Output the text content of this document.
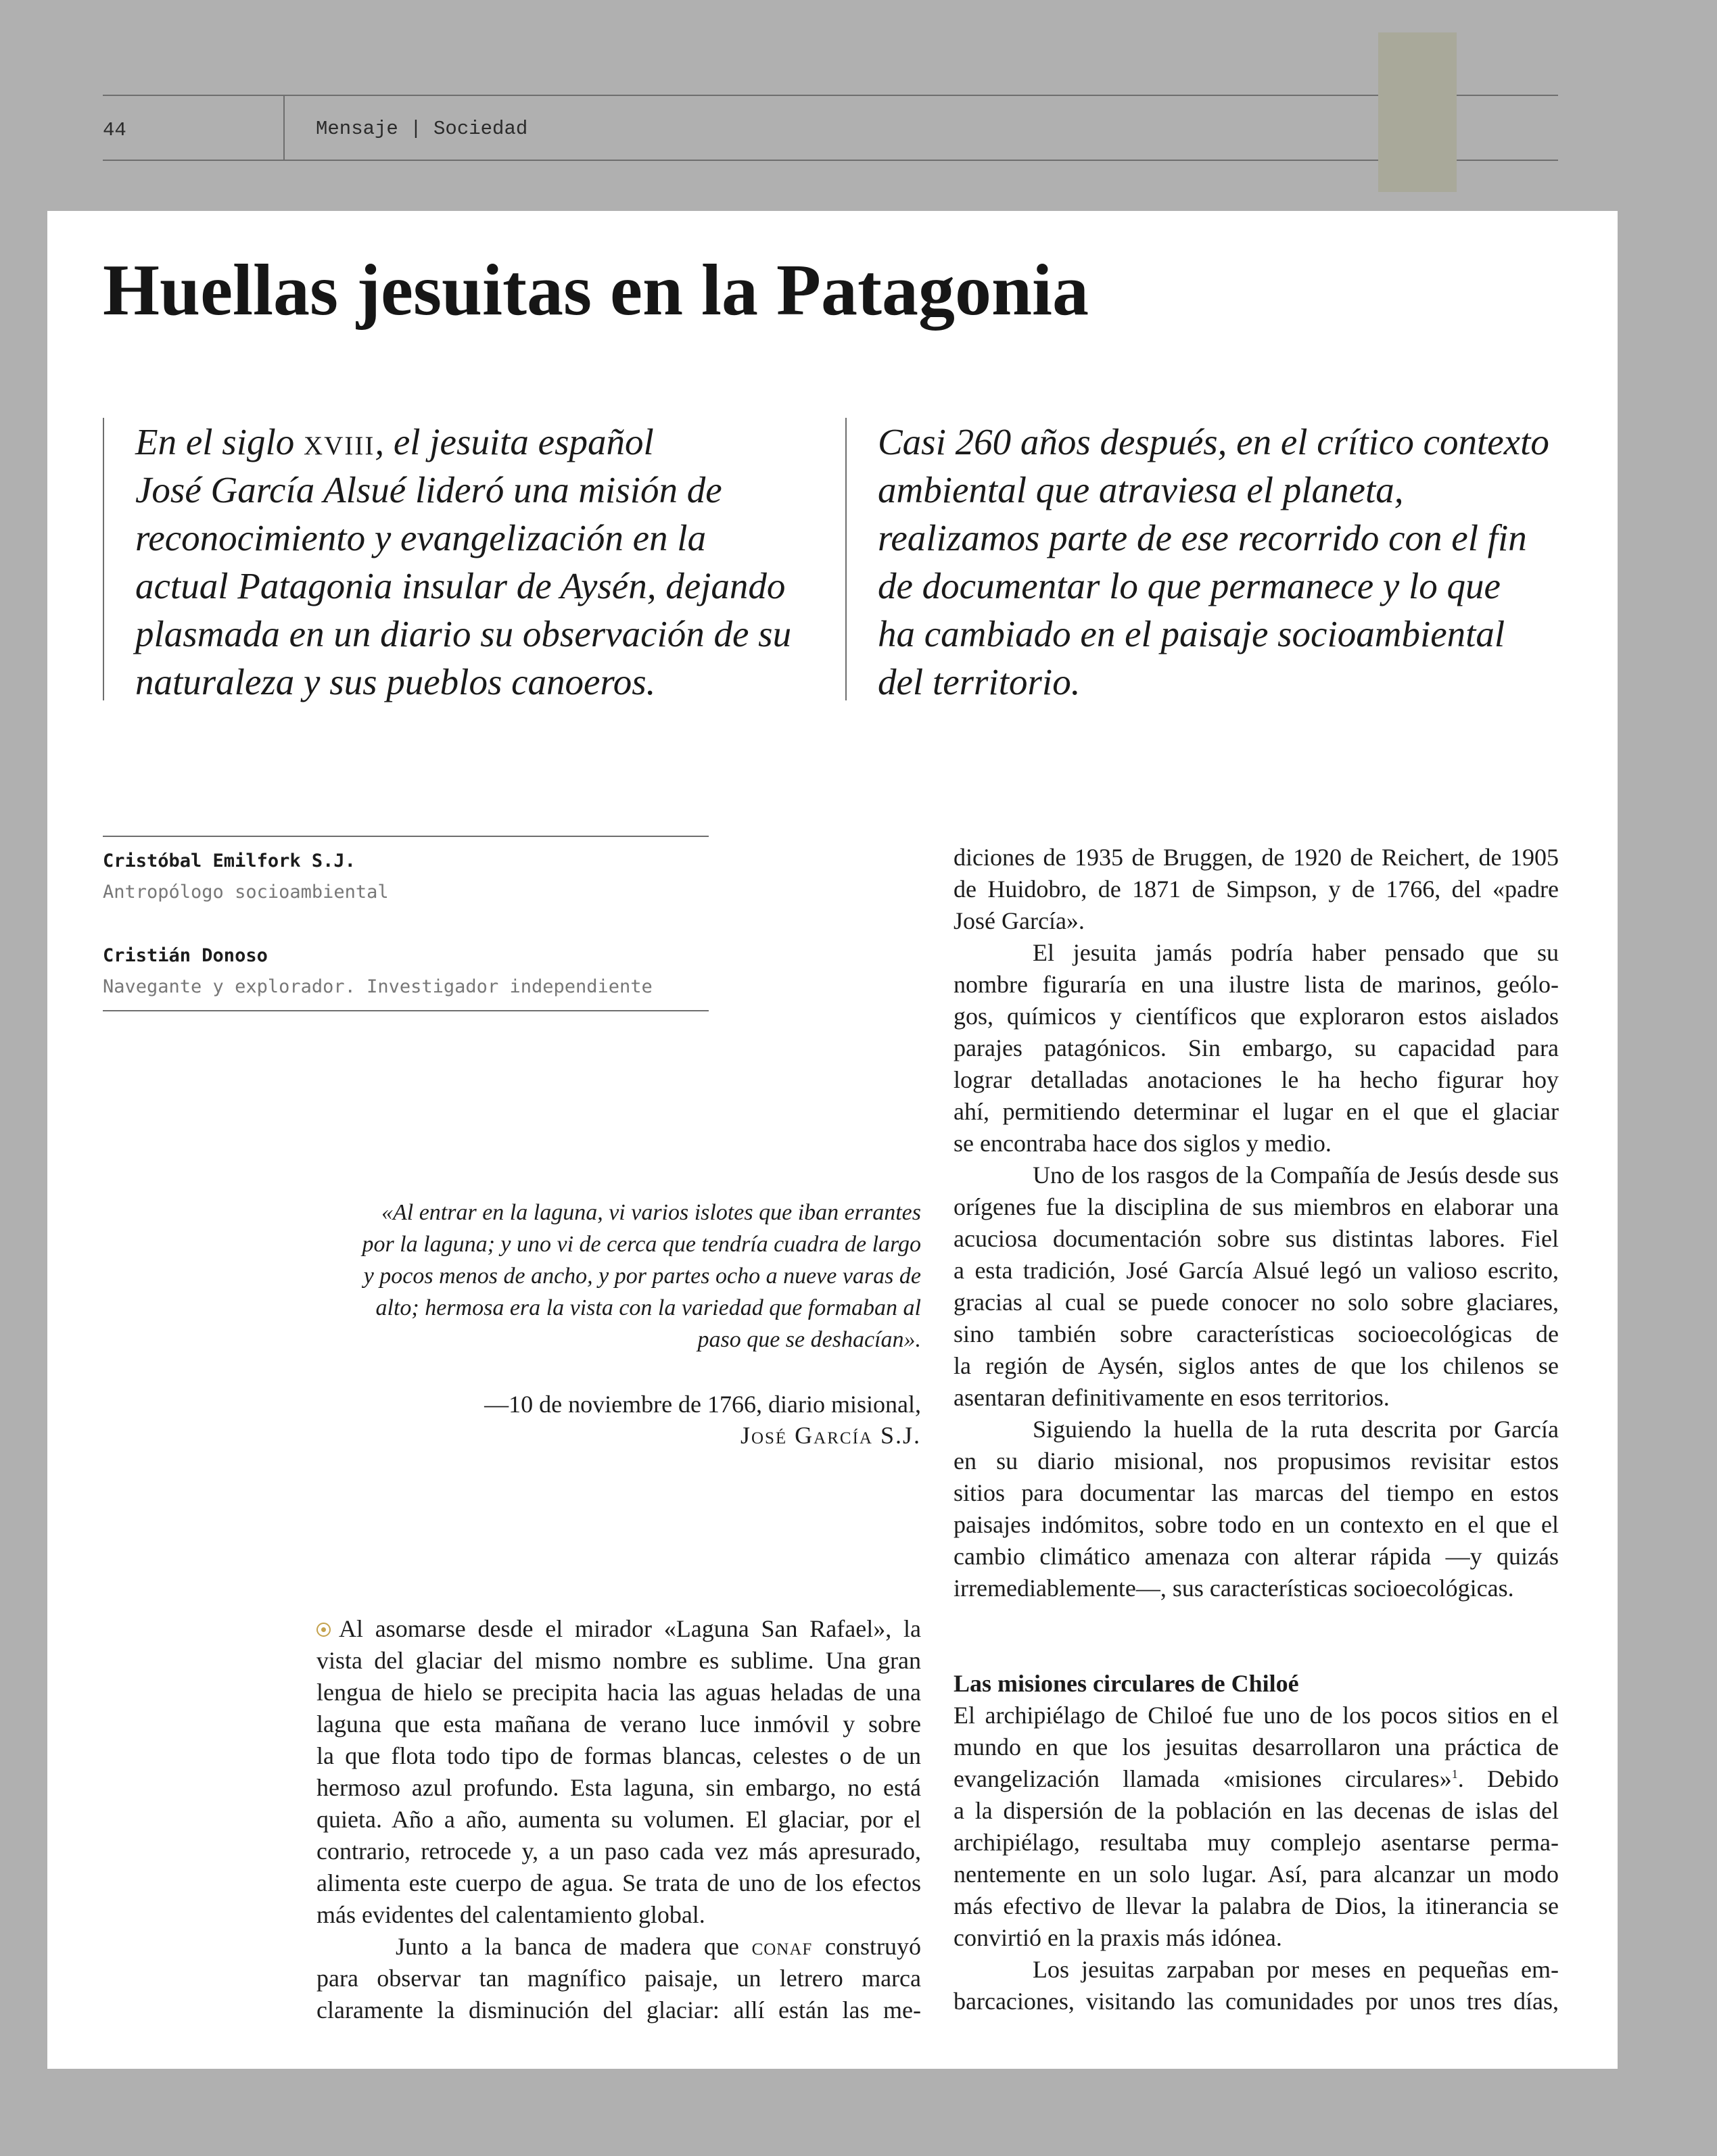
44	Mensaje | Sociedad
Huellas jesuitas en la Patagonia
En el siglo xviii, el jesuita español
José García Alsué lideró una misión de
reconocimiento y evangelización en la
actual Patagonia insular de Aysén, dejando
plasmada en un diario su observación de su
naturaleza y sus pueblos canoeros.
Casi 260 años después, en el crítico contexto
ambiental que atraviesa el planeta,
realizamos parte de ese recorrido con el fin
de documentar lo que permanece y lo que
ha cambiado en el paisaje socioambiental
del territorio.
Cristóbal Emilfork S.J.
Antropólogo socioambiental
Cristián Donoso
Navegante y explorador. Investigador independiente
«Al entrar en la laguna, vi varios islotes que iban errantes
por la laguna; y uno vi de cerca que tendría cuadra de largo
y pocos menos de ancho, y por partes ocho a nueve varas de
alto; hermosa era la vista con la variedad que formaban al
paso que se deshacían».
—10 de noviembre de 1766, diario misional,
José García S.J.
Al asomarse desde el mirador «Laguna San Rafael», la
vista del glaciar del mismo nombre es sublime. Una gran
lengua de hielo se precipita hacia las aguas heladas de una
laguna que esta mañana de verano luce inmóvil y sobre
la que flota todo tipo de formas blancas, celestes o de un
hermoso azul profundo. Esta laguna, sin embargo, no está
quieta. Año a año, aumenta su volumen. El glaciar, por el
contrario, retrocede y, a un paso cada vez más apresurado,
alimenta este cuerpo de agua. Se trata de uno de los efectos
más evidentes del calentamiento global.
Junto a la banca de madera que conaf construyó
para observar tan magnífico paisaje, un letrero marca
claramente la disminución del glaciar: allí están las me-
diciones de 1935 de Bruggen, de 1920 de Reichert, de 1905
de Huidobro, de 1871 de Simpson, y de 1766, del «padre
José García».
El jesuita jamás podría haber pensado que su
nombre figuraría en una ilustre lista de marinos, geólo-
gos, químicos y científicos que exploraron estos aislados
parajes patagónicos. Sin embargo, su capacidad para
lograr detalladas anotaciones le ha hecho figurar hoy
ahí, permitiendo determinar el lugar en el que el glaciar
se encontraba hace dos siglos y medio.
Uno de los rasgos de la Compañía de Jesús desde sus
orígenes fue la disciplina de sus miembros en elaborar una
acuciosa documentación sobre sus distintas labores. Fiel
a esta tradición, José García Alsué legó un valioso escrito,
gracias al cual se puede conocer no solo sobre glaciares,
sino también sobre características socioecológicas de
la región de Aysén, siglos antes de que los chilenos se
asentaran definitivamente en esos territorios.
Siguiendo la huella de la ruta descrita por García
en su diario misional, nos propusimos revisitar estos
sitios para documentar las marcas del tiempo en estos
paisajes indómitos, sobre todo en un contexto en el que el
cambio climático amenaza con alterar rápida —y quizás
irremediablemente—, sus características socioecológicas.
Las misiones circulares de Chiloé
El archipiélago de Chiloé fue uno de los pocos sitios en el
mundo en que los jesuitas desarrollaron una práctica de
evangelización llamada «misiones circulares»$^1$. Debido
a la dispersión de la población en las decenas de islas del
archipiélago, resultaba muy complejo asentarse perma-
nentemente en un solo lugar. Así, para alcanzar un modo
más efectivo de llevar la palabra de Dios, la itinerancia se
convirtió en la praxis más idónea.
Los jesuitas zarpaban por meses en pequeñas em-
barcaciones, visitando las comunidades por unos tres días,
